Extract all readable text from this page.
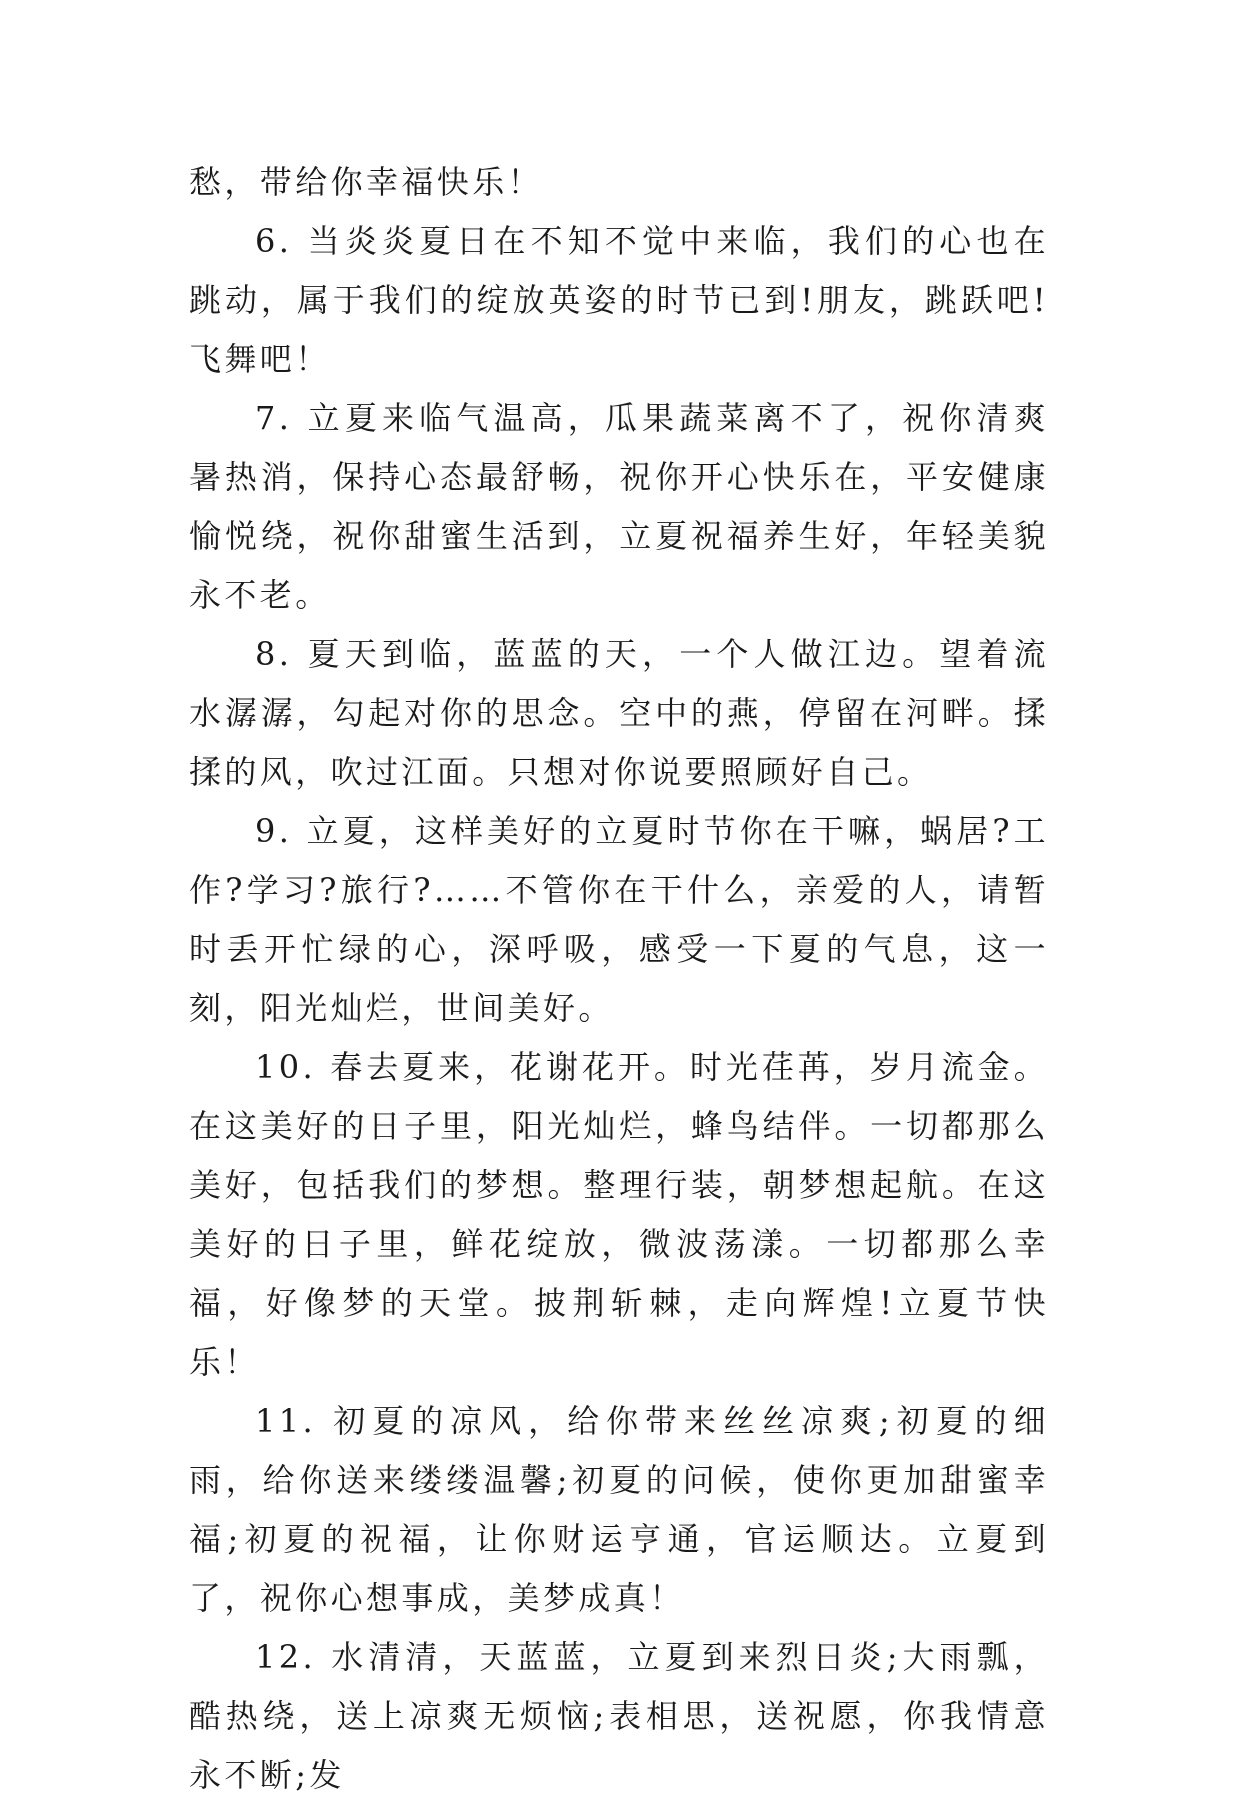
愁，带给你幸福快乐！

6. 当炎炎夏日在不知不觉中来临，我们的心也在跳动，属于我们的绽放英姿的时节已到!朋友，跳跃吧!飞舞吧！

7. 立夏来临气温高，瓜果蔬菜离不了，祝你清爽暑热消，保持心态最舒畅，祝你开心快乐在，平安健康愉悦绕，祝你甜蜜生活到，立夏祝福养生好，年轻美貌永不老。

8. 夏天到临，蓝蓝的天，一个人做江边。望着流水潺潺，勾起对你的思念。空中的燕，停留在河畔。揉揉的风，吹过江面。只想对你说要照顾好自己。

9. 立夏，这样美好的立夏时节你在干嘛，蜗居?工作?学习?旅行?……不管你在干什么，亲爱的人，请暂时丢开忙绿的心，深呼吸，感受一下夏的气息，这一刻，阳光灿烂，世间美好。

10. 春去夏来，花谢花开。时光荏苒，岁月流金。在这美好的日子里，阳光灿烂，蜂鸟结伴。一切都那么美好，包括我们的梦想。整理行装，朝梦想起航。在这美好的日子里，鲜花绽放，微波荡漾。一切都那么幸福，好像梦的天堂。披荆斩棘，走向辉煌!立夏节快乐！

11. 初夏的凉风，给你带来丝丝凉爽;初夏的细雨，给你送来缕缕温馨;初夏的问候，使你更加甜蜜幸福;初夏的祝福，让你财运亨通，官运顺达。立夏到了，祝你心想事成，美梦成真！

12. 水清清，天蓝蓝，立夏到来烈日炎;大雨瓢，酷热绕，送上凉爽无烦恼;表相思，送祝愿，你我情意永不断;发
